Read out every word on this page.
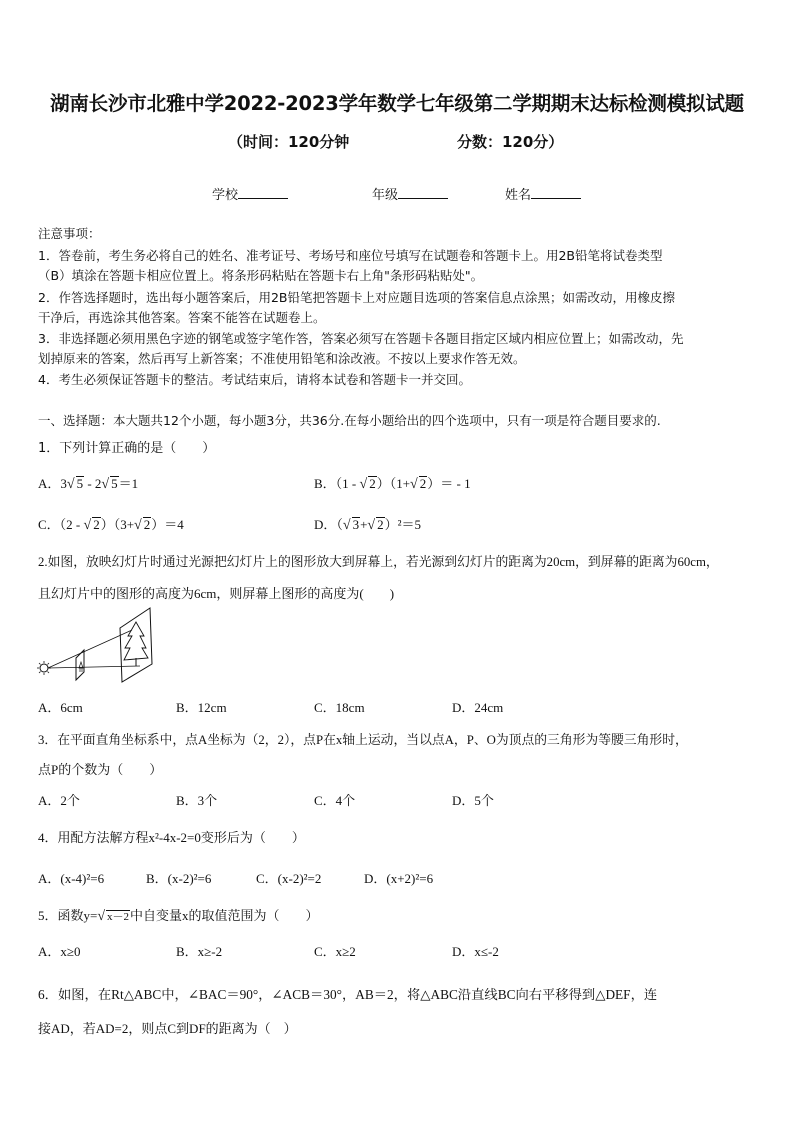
湖南长沙市北雅中学2022-2023学年数学七年级第二学期期末达标检测模拟试题
（时间：120分钟	分数：120分）
学校	年级	姓名
注意事项：
1．答卷前，考生务必将自己的姓名、准考证号、考场号和座位号填写在试题卷和答题卡上。用2B铅笔将试卷类型
（B）填涂在答题卡相应位置上。将条形码粘贴在答题卡右上角"条形码粘贴处"。
2．作答选择题时，选出每小题答案后，用2B铅笔把答题卡上对应题目选项的答案信息点涂黑；如需改动，用橡皮擦
干净后，再选涂其他答案。答案不能答在试题卷上。
3．非选择题必须用黑色字迹的钢笔或签字笔作答，答案必须写在答题卡各题目指定区域内相应位置上；如需改动，先
划掉原来的答案，然后再写上新答案；不准使用铅笔和涂改液。不按以上要求作答无效。
4．考生必须保证答题卡的整洁。考试结束后，请将本试卷和答题卡一并交回。
一、选择题：本大题共12个小题，每小题3分，共36分.在每小题给出的四个选项中，只有一项是符合题目要求的.
1．下列计算正确的是（　　）
A．3√ 5 - 2√ 5＝1	B．（1 - √ 2）（1+√ 2）＝ - 1
C．（2 - √ 2）（3+√ 2）＝4	D．（√ 3+√ 2）²＝5
2.如图，放映幻灯片时通过光源把幻灯片上的图形放大到屏幕上，若光源到幻灯片的距离为20cm，到屏幕的距离为60cm，
且幻灯片中的图形的高度为6cm，则屏幕上图形的高度为(　　)
A．6cm	B．12cm	C．18cm	D．24cm
3．在平面直角坐标系中，点A坐标为（2，2），点P在x轴上运动，当以点A，P、O为顶点的三角形为等腰三角形时，
点P的个数为（　　）
A．2个	B．3个	C．4个	D．5个
4．用配方法解方程x²-4x-2=0变形后为（　　）
A．(x-4)²=6	B．(x-2)²=6	C．(x-2)²=2	D．(x+2)²=6
5．函数y=√ x－2中自变量x的取值范围为（　　）
A．x≥0	B．x≥-2	C．x≥2	D．x≤-2
6．如图，在Rt△ABC中，∠BAC＝90°，∠ACB＝30°，AB＝2，将△ABC沿直线BC向右平移得到△DEF，连
接AD，若AD=2，则点C到DF的距离为（　）
